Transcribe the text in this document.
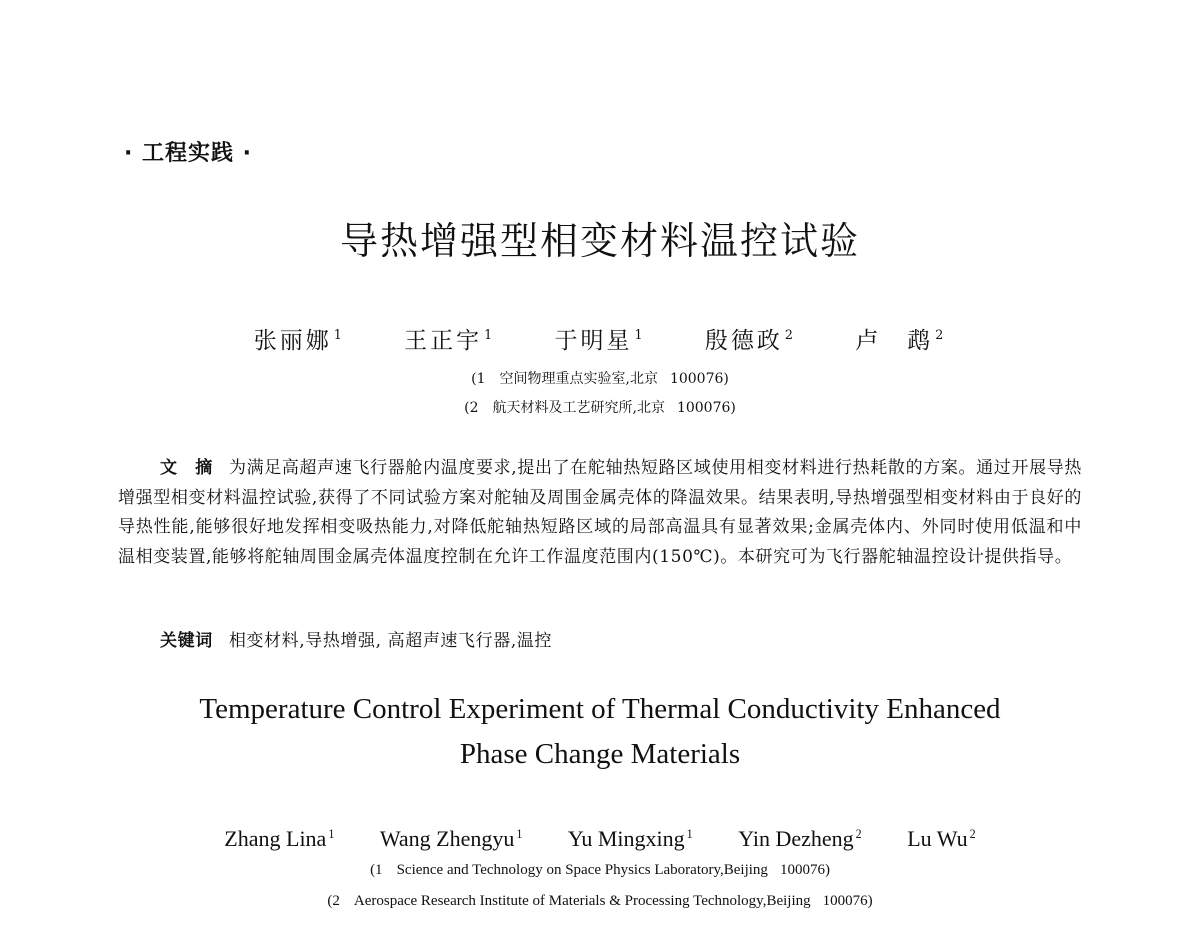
· 工程实践 ·
导热增强型相变材料温控试验
张丽娜 $^1$	王正宇 $^1$	于明星 $^1$	殷德政 $^2$	卢　鹉 $^2$
(1 空间物理重点实验室,北京 100076)
(2 航天材料及工艺研究所,北京 100076)
文　摘 为满足高超声速飞行器舱内温度要求,提出了在舵轴热短路区域使用相变材料进行热耗散的方案。通过开展导热增强型相变材料温控试验,获得了不同试验方案对舵轴及周围金属壳体的降温效果。结果表明,导热增强型相变材料由于良好的导热性能,能够很好地发挥相变吸热能力,对降低舵轴热短路区域的局部高温具有显著效果;金属壳体内、外同时使用低温和中温相变装置,能够将舵轴周围金属壳体温度控制在允许工作温度范围内(150℃)。本研究可为飞行器舵轴温控设计提供指导。
关键词 相变材料,导热增强, 高超声速飞行器,温控
Temperature Control Experiment of Thermal Conductivity Enhanced
Phase Change Materials
Zhang Lina $^1$ Wang Zhengyu $^1$ Yu Mingxing $^1$ Yin Dezheng $^2$ Lu Wu $^2$
(1 Science and Technology on Space Physics Laboratory,Beijing 100076)
(2 Aerospace Research Institute of Materials & Processing Technology,Beijing 100076)
